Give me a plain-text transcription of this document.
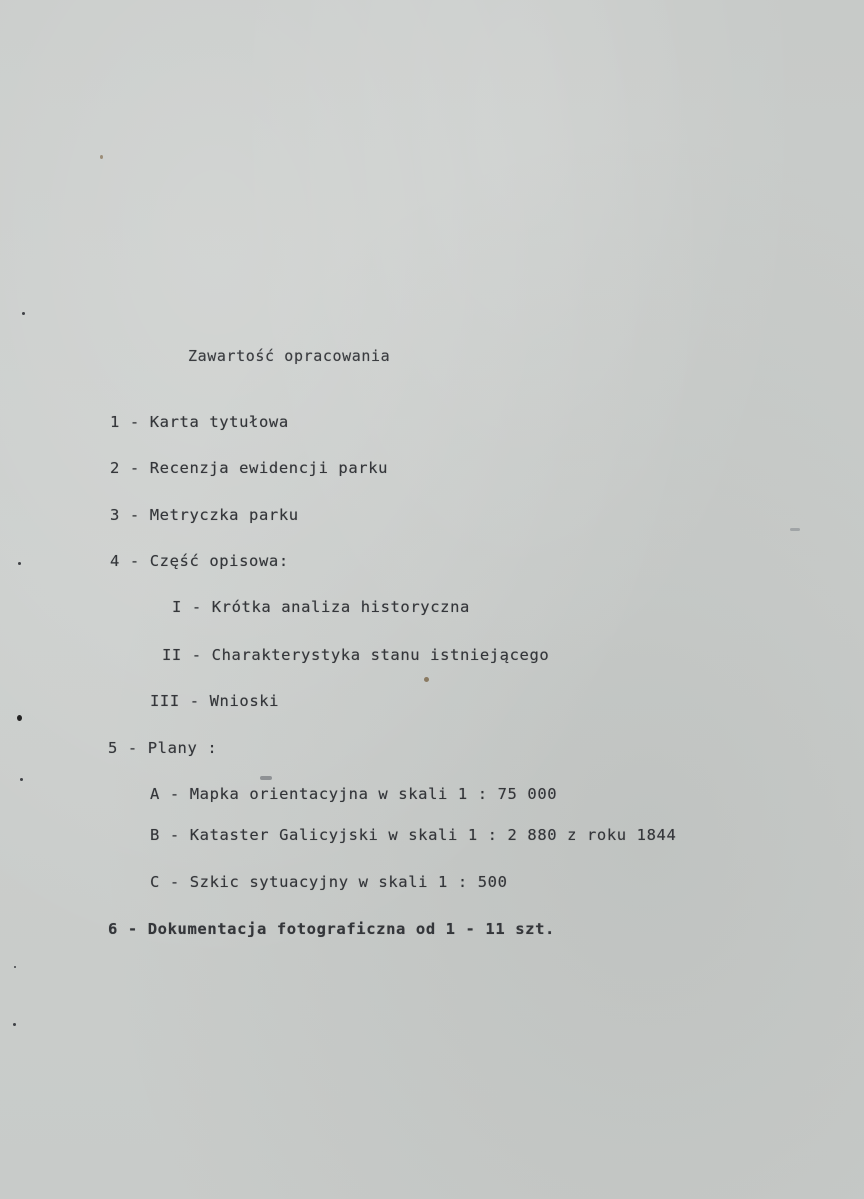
Zawartość opracowania
1 - Karta tytułowa
2 - Recenzja ewidencji parku
3 - Metryczka parku
4 - Część opisowa:
I - Krótka analiza historyczna
II - Charakterystyka stanu istniejącego
III - Wnioski
5 - Plany :
A - Mapka orientacyjna w skali 1 : 75 000
B - Kataster Galicyjski w skali 1 : 2 880 z roku 1844
C - Szkic sytuacyjny w skali 1 : 500
6 - Dokumentacja fotograficzna od 1 - 11 szt.
